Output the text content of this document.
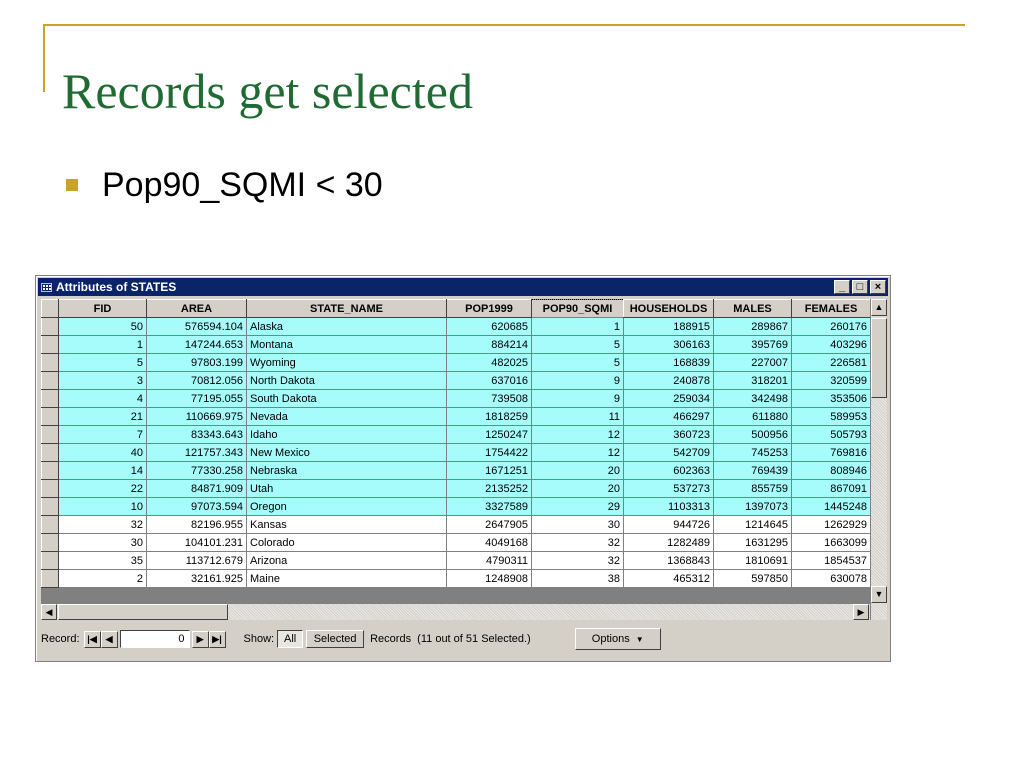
Records get selected
Pop90_SQMI < 30
Attributes of STATES	_	□	×
	FID	AREA	STATE_NAME	POP1999	POP90_SQMI	HOUSEHOLDS	MALES	FEMALES
	50	576594.104	Alaska	620685	1	188915	289867	260176
	1	147244.653	Montana	884214	5	306163	395769	403296
	5	97803.199	Wyoming	482025	5	168839	227007	226581
	3	70812.056	North Dakota	637016	9	240878	318201	320599
	4	77195.055	South Dakota	739508	9	259034	342498	353506
	21	110669.975	Nevada	1818259	11	466297	611880	589953
	7	83343.643	Idaho	1250247	12	360723	500956	505793
	40	121757.343	New Mexico	1754422	12	542709	745253	769816
	14	77330.258	Nebraska	1671251	20	602363	769439	808946
	22	84871.909	Utah	2135252	20	537273	855759	867091
	10	97073.594	Oregon	3327589	29	1103313	1397073	1445248
	32	82196.955	Kansas	2647905	30	944726	1214645	1262929
	30	104101.231	Colorado	4049168	32	1282489	1631295	1663099
	35	113712.679	Arizona	4790311	32	1368843	1810691	1854537
	2	32161.925	Maine	1248908	38	465312	597850	630078
▲
▼
◀	▶
Record: |◀ ◀	0	▶ ▶|	Show: All	Selected	Records  (11 out of 51 Selected.)	Options ▼
